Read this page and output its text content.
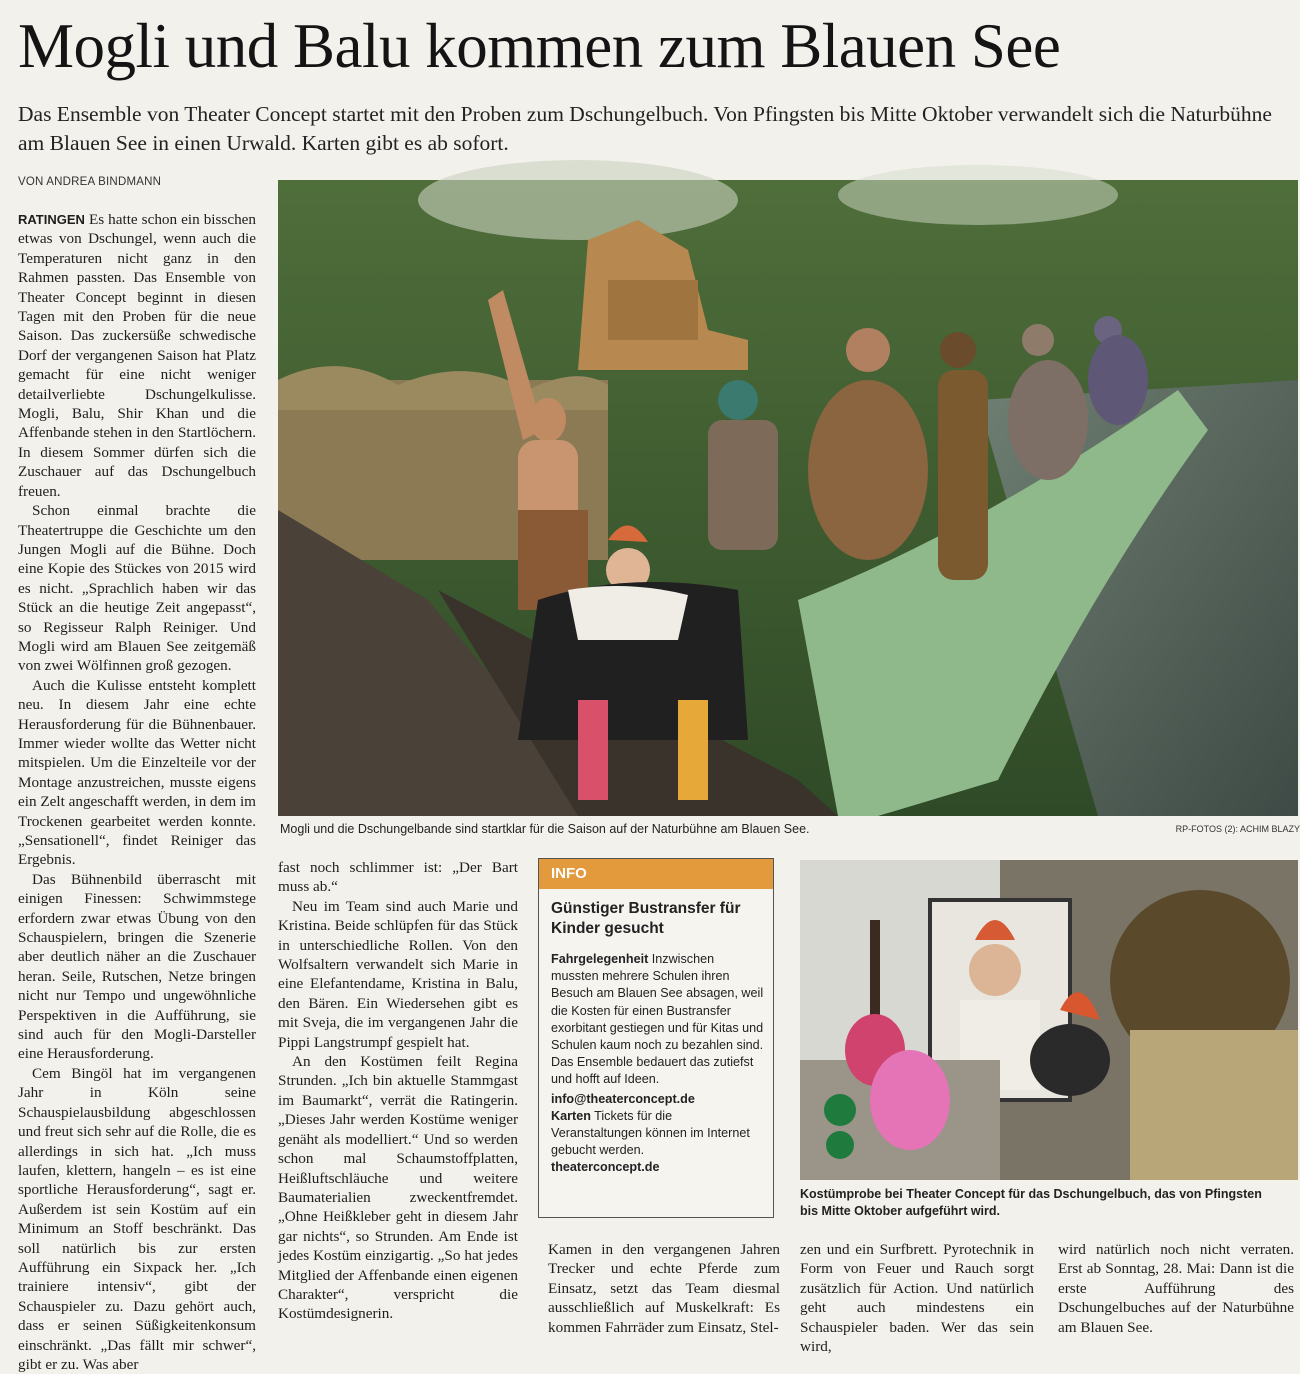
Mogli und Balu kommen zum Blauen See
Das Ensemble von Theater Concept startet mit den Proben zum Dschungelbuch. Von Pfingsten bis Mitte Oktober verwandelt sich die Naturbühne am Blauen See in einen Urwald. Karten gibt es ab sofort.
VON ANDREA BINDMANN

RATINGEN Es hatte schon ein bisschen etwas von Dschungel, wenn auch die Temperaturen nicht ganz in den Rahmen passten. Das Ensemble von Theater Concept beginnt in diesen Tagen mit den Proben für die neue Saison. Das zuckersüße schwedische Dorf der vergangenen Saison hat Platz gemacht für eine nicht weniger detailverliebte Dschungelkulisse. Mogli, Balu, Shir Khan und die Affenbande stehen in den Startlöchern. In diesem Sommer dürfen sich die Zuschauer auf das Dschungelbuch freuen.

Schon einmal brachte die Theatertruppe die Geschichte um den Jungen Mogli auf die Bühne. Doch eine Kopie des Stückes von 2015 wird es nicht. „Sprachlich haben wir das Stück an die heutige Zeit angepasst“, so Regisseur Ralph Reiniger. Und Mogli wird am Blauen See zeitgemäß von zwei Wölfinnen groß gezogen.

Auch die Kulisse entsteht komplett neu. In diesem Jahr eine echte Herausforderung für die Bühnenbauer. Immer wieder wollte das Wetter nicht mitspielen. Um die Einzelteile vor der Montage anzustreichen, musste eigens ein Zelt angeschafft werden, in dem im Trockenen gearbeitet werden konnte. „Sensationell“, findet Reiniger das Ergebnis.

Das Bühnenbild überrascht mit einigen Finessen: Schwimmstege erfordern zwar etwas Übung von den Schauspielern, bringen die Szenerie aber deutlich näher an die Zuschauer heran. Seile, Rutschen, Netze bringen nicht nur Tempo und ungewöhnliche Perspektiven in die Aufführung, sie sind auch für den Mogli-Darsteller eine Herausforderung.

Cem Bingöl hat im vergangenen Jahr in Köln seine Schauspielausbildung abgeschlossen und freut sich sehr auf die Rolle, die es allerdings in sich hat. „Ich muss laufen, klettern, hangeln – es ist eine sportliche Herausforderung“, sagt er. Außerdem ist sein Kostüm auf ein Minimum an Stoff beschränkt. Das soll natürlich bis zur ersten Aufführung ein Sixpack her. „Ich trainiere intensiv“, gibt der Schauspieler zu. Dazu gehört auch, dass er seinen Süßigkeitenkonsum einschränkt. „Das fällt mir schwer“, gibt er zu. Was aber

Mogli und die Dschungelbande sind startklar für die Saison auf der Naturbühne am Blauen See.	RP-FOTOS (2): ACHIM BLAZY

fast noch schlimmer ist: „Der Bart muss ab.“

Neu im Team sind auch Marie und Kristina. Beide schlüpfen für das Stück in unterschiedliche Rollen. Von den Wolfsaltern verwandelt sich Marie in eine Elefantendame, Kristina in Balu, den Bären. Ein Wiedersehen gibt es mit Sveja, die im vergangenen Jahr die Pippi Langstrumpf gespielt hat.

An den Kostümen feilt Regina Strunden. „Ich bin aktuelle Stammgast im Baumarkt“, verrät die Ratingerin. „Dieses Jahr werden Kostüme weniger genäht als modelliert.“ Und so werden schon mal Schaumstoffplatten, Heißluftschläuche und weitere Baumaterialien zweckentfremdet. „Ohne Heißkleber geht in diesem Jahr gar nichts“, so Strunden. Am Ende ist jedes Kostüm einzigartig. „So hat jedes Mitglied der Affenbande einen eigenen Charakter“, verspricht die Kostümdesignerin.

INFO
Günstiger Bustransfer für Kinder gesucht
Fahrgelegenheit Inzwischen mussten mehrere Schulen ihren Besuch am Blauen See absagen, weil die Kosten für einen Bustransfer exorbitant gestiegen und für Kitas und Schulen kaum noch zu bezahlen sind. Das Ensemble bedauert das zutiefst und hofft auf Ideen.
info@theaterconcept.de
Karten Tickets für die Veranstaltungen können im Internet gebucht werden.
theaterconcept.de
Kostümprobe bei Theater Concept für das Dschungelbuch, das von Pfingsten bis Mitte Oktober aufgeführt wird.

Kamen in den vergangenen Jahren Trecker und echte Pferde zum Einsatz, setzt das Team diesmal ausschließlich auf Muskelkraft: Es kommen Fahrräder zum Einsatz, Stel-

zen und ein Surfbrett. Pyrotechnik in Form von Feuer und Rauch sorgt zusätzlich für Action. Und natürlich geht auch mindestens ein Schauspieler baden. Wer das sein wird,

wird natürlich noch nicht verraten. Erst ab Sonntag, 28. Mai: Dann ist die erste Aufführung des Dschungelbuches auf der Naturbühne am Blauen See.
